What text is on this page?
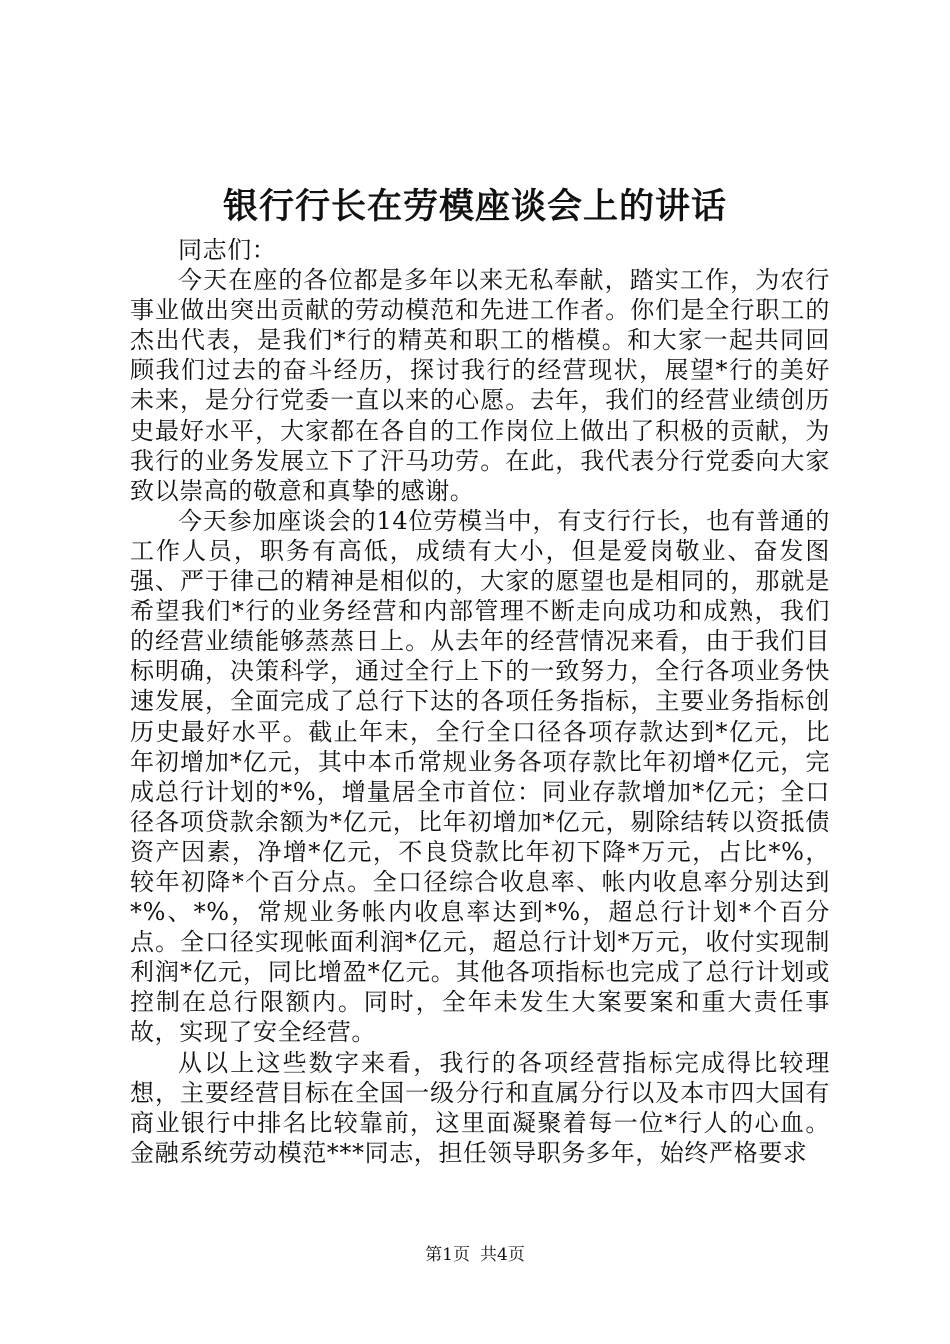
银行行长在劳模座谈会上的讲话

同志们：

今天在座的各位都是多年以来无私奉献，踏实工作，为农行事业做出突出贡献的劳动模范和先进工作者。你们是全行职工的杰出代表，是我们*行的精英和职工的楷模。和大家一起共同回顾我们过去的奋斗经历，探讨我行的经营现状，展望*行的美好未来，是分行党委一直以来的心愿。去年，我们的经营业绩创历史最好水平，大家都在各自的工作岗位上做出了积极的贡献，为我行的业务发展立下了汗马功劳。在此，我代表分行党委向大家致以崇高的敬意和真挚的感谢。

今天参加座谈会的14位劳模当中，有支行行长，也有普通的工作人员，职务有高低，成绩有大小，但是爱岗敬业、奋发图强、严于律己的精神是相似的，大家的愿望也是相同的，那就是希望我们*行的业务经营和内部管理不断走向成功和成熟，我们的经营业绩能够蒸蒸日上。从去年的经营情况来看，由于我们目标明确，决策科学，通过全行上下的一致努力，全行各项业务快速发展，全面完成了总行下达的各项任务指标，主要业务指标创历史最好水平。截止年末，全行全口径各项存款达到*亿元，比年初增加*亿元，其中本币常规业务各项存款比年初增*亿元，完成总行计划的*%，增量居全市首位：同业存款增加*亿元；全口径各项贷款余额为*亿元，比年初增加*亿元，剔除结转以资抵债资产因素，净增*亿元，不良贷款比年初下降*万元，占比*%，较年初降*个百分点。全口径综合收息率、帐内收息率分别达到*%、*%，常规业务帐内收息率达到*%，超总行计划*个百分点。全口径实现帐面利润*亿元，超总行计划*万元，收付实现制利润*亿元，同比增盈*亿元。其他各项指标也完成了总行计划或控制在总行限额内。同时，全年未发生大案要案和重大责任事故，实现了安全经营。

从以上这些数字来看，我行的各项经营指标完成得比较理想，主要经营目标在全国一级分行和直属分行以及本市四大国有商业银行中排名比较靠前，这里面凝聚着每一位*行人的心血。金融系统劳动模范***同志，担任领导职务多年，始终严格要求

第1页 共4页
